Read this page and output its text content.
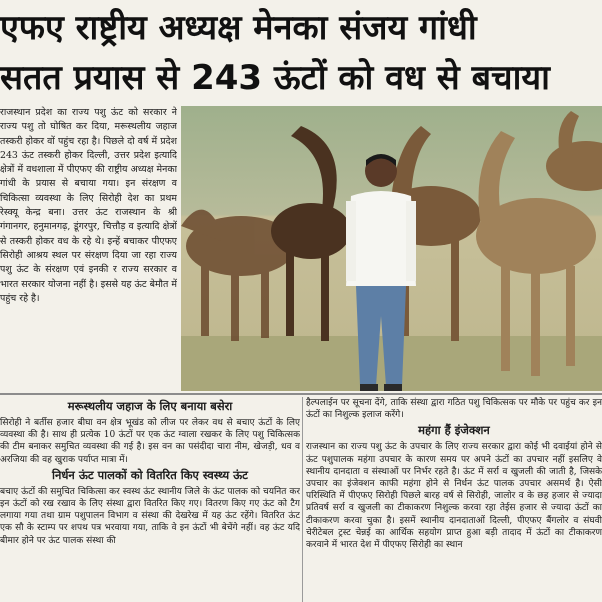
एफए राष्ट्रीय अध्यक्ष मेनका संजय गांधी
सतत प्रयास से 243 ऊंटों को वध से बचाया

राजस्थान प्रदेश का राज्य पशु ऊंट को सरकार ने राज्य पशु तो घोषित कर दिया, मरूस्थलीय जहाज तस्करी होकर वों पहुंच रहा है। पिछले दो वर्ष में प्रदेश 243 ऊंट तस्करी होकर दिल्ली, उत्तर प्रदेश इत्यादि क्षेत्रों में वधशाला में पीएफए की राष्ट्रीय अध्यक्ष मेनका गांधी के प्रयास से बचाया गया। इन संरक्षण व चिकित्सा व्यवस्था के लिए सिरोही देश का प्रथम रेस्क्यू केन्द्र बना। उत्तर ऊंट राजस्थान के श्री गंगानगर, हनुमानगढ़, डूंगरपुर, चित्तौड़ व इत्यादि क्षेत्रों से तस्करी होकर वध के रहे थे। इन्हें बचाकर पीएफए सिरोही आश्रय स्थल पर संरक्षण दिया जा रहा राज्य पशु ऊंट के संरक्षण एवं इनकी र राज्य सरकार व भारत सरकार योजना नहीं है। इससे यह ऊंट बेमौत में पहुंच रहे है।

मरूस्थलीय जहाज के लिए बनाया बसेरा

सिरोही ने बर्तीस हजार बीघा वन क्षेत्र भूखंड को लीज पर लेकर वध से बचाए ऊंटों के लिए व्यवस्था की है। साथ ही प्रत्येक 10 ऊंटों पर एक ऊंट ग्वाला रखकर के लिए पशु चिकित्सक की टीम बनाकर समुचित व्यवस्था की गई है। इस वन का पसंदीदा चारा नीम, खेजड़ी, धव व अरजिया की वह खुराक पर्याप्त मात्रा में।

निर्धन ऊंट पालकों को वितरित किए स्वस्थ्य ऊंट

बचाए ऊंटों की समुचित चिकित्सा कर स्वस्थ ऊंट स्थानीय जिले के ऊंट पालक को चयनित कर इन ऊंटों को रख रखाव के लिए संस्था द्वारा वितरित किए गए। वितरण किए गए ऊंट को टैग लगाया गया तथा ग्राम पशुपालन विभाग व संस्था की देखरेख में यह ऊंट रहेंगे। वितरित ऊंट एक सौ के स्टाम्प पर शपथ पत्र भरवाया गया, ताकि वे इन ऊंटों भी बेचेंगे नहीं। वह ऊंट यदि बीमार होने पर ऊंट पालक संस्था की

हैल्पलाईन पर सूचना देंगे, ताकि संस्था द्वारा गठित पशु चिकित्सक पर मौके पर पहुंच कर इन ऊंटों का निशुल्क इलाज करेंगे।

महंगा हैं इंजेक्शन

राजस्थान का राज्य पशु ऊंट के उपचार के लिए राज्य सरकार द्वारा कोई भी दवाईयां होने से ऊंट पशुपालक महंगा उपचार के कारण समय पर अपने ऊंटों का उपचार नहीं इसलिए वे स्थानीय दानदाता व संस्थाओं पर निर्भर रहते है। ऊंट में सर्रा व खुजली की जाती है, जिसके उपचार का इंजेक्शन काफी महंगा होने से निर्धन ऊंट पालक उपचार असमर्थ है। ऐसी परिस्थिति में पीएफए सिरोही पिछले बारह वर्ष से सिरोही, जालोर व के छह हजार से ज्यादा प्रतिवर्ष सर्रा व खुजली का टीकाकरण निशुल्क करवा रहा तेईस हजार से ज्यादा ऊंटों का टीकाकरण करवा चुका है। इसमें स्थानीय दानदाताओं दिल्ली, पीएफए बैंगलोर व संघवी चेरीटेबल ट्रस्ट चेन्नई का आर्थिक सहयोग प्राप्त हुआ बड़ी तादाद में ऊंटों का टीकाकरण करवाने में भारत देश में पीएफए सिरोही का स्थान
